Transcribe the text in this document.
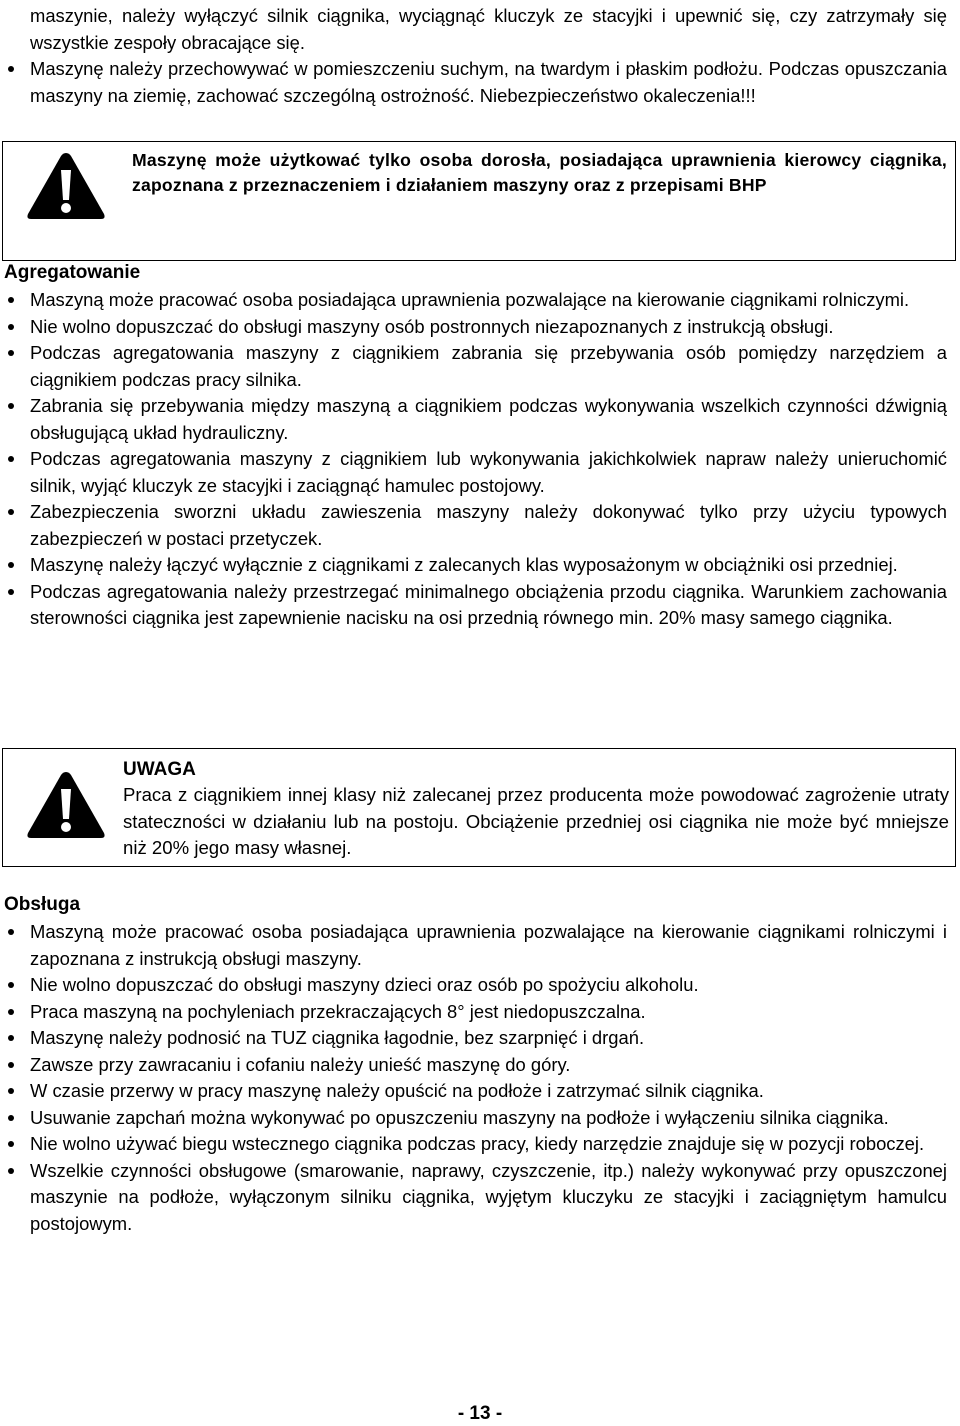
maszynie, należy wyłączyć silnik ciągnika, wyciągnąć kluczyk ze stacyjki i upewnić się, czy zatrzymały się wszystkie zespoły obracające się.

Maszynę należy przechowywać w pomieszczeniu suchym, na twardym i płaskim podłożu. Podczas opuszczania maszyny na ziemię, zachować szczególną ostrożność. Niebezpieczeństwo okaleczenia!!!

Maszynę może użytkować tylko osoba dorosła, posiadająca uprawnienia kierowcy ciągnika, zapoznana z przeznaczeniem i działaniem maszyny oraz z przepisami BHP

Agregatowanie
Maszyną może pracować osoba posiadająca uprawnienia pozwalające na kierowanie ciągnikami rolniczymi.
Nie wolno dopuszczać do obsługi maszyny osób postronnych niezapoznanych z instrukcją obsługi.
Podczas agregatowania maszyny z ciągnikiem zabrania się przebywania osób pomiędzy narzędziem a ciągnikiem podczas pracy silnika.
Zabrania się przebywania między maszyną a ciągnikiem podczas wykonywania wszelkich czynności dźwignią obsługującą układ hydrauliczny.
Podczas agregatowania maszyny z ciągnikiem lub wykonywania jakichkolwiek napraw należy unieruchomić silnik, wyjąć kluczyk ze stacyjki i zaciągnąć hamulec postojowy.
Zabezpieczenia sworzni układu zawieszenia maszyny należy dokonywać tylko przy użyciu typowych zabezpieczeń w postaci przetyczek.
Maszynę należy łączyć wyłącznie z ciągnikami z zalecanych klas wyposażonym w obciążniki osi przedniej.
Podczas agregatowania należy przestrzegać minimalnego obciążenia przodu ciągnika. Warunkiem zachowania sterowności ciągnika jest zapewnienie nacisku na osi przednią równego min. 20% masy samego ciągnika.

UWAGA

Praca z ciągnikiem innej klasy niż zalecanej przez producenta może powodować zagrożenie utraty stateczności w działaniu lub na postoju. Obciążenie przedniej osi ciągnika nie może być mniejsze niż 20% jego masy własnej.

Obsługa
Maszyną może pracować osoba posiadająca uprawnienia pozwalające na kierowanie ciągnikami rolniczymi i zapoznana z instrukcją obsługi maszyny.
Nie wolno dopuszczać do obsługi maszyny dzieci oraz osób po spożyciu alkoholu.
Praca maszyną na pochyleniach przekraczających 8° jest niedopuszczalna.
Maszynę należy podnosić na TUZ ciągnika łagodnie, bez szarpnięć i drgań.
Zawsze przy zawracaniu i cofaniu należy unieść maszynę do góry.
W czasie przerwy w pracy maszynę należy opuścić na podłoże i zatrzymać silnik ciągnika.
Usuwanie zapchań można wykonywać po opuszczeniu maszyny na podłoże i wyłączeniu silnika ciągnika.
Nie wolno używać biegu wstecznego ciągnika podczas pracy, kiedy narzędzie znajduje się w pozycji roboczej.
Wszelkie czynności obsługowe (smarowanie, naprawy, czyszczenie, itp.) należy wykonywać przy opuszczonej maszynie na podłoże, wyłączonym silniku ciągnika, wyjętym kluczyku ze stacyjki i zaciągniętym hamulcu postojowym.

- 13 -
